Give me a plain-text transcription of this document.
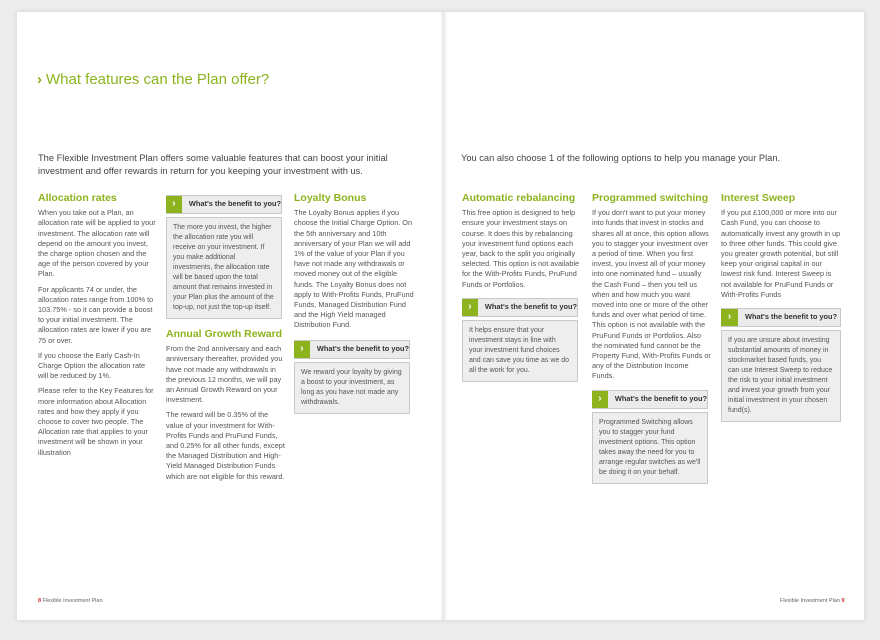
› What features can the Plan offer?
The Flexible Investment Plan offers some valuable features that can boost your initial investment and offer rewards in return for you keeping your investment with us.
Allocation rates

When you take out a Plan, an allocation rate will be applied to your investment. The allocation rate will depend on the amount you invest, the charge option chosen and the age of the person covered by your Plan.

For applicants 74 or under, the allocation rates range from 100% to 103.75% - so it can provide a boost to your initial investment. The allocation rates are lower if you are 75 or over.

If you choose the Early Cash-In Charge Option the allocation rate will be reduced by 1%.

Please refer to the Key Features for more information about Allocation rates and how they apply if you choose to cover two people. The Allocation rate that applies to your investment will be shown in your illustration

›	What's the benefit to you?
The more you invest, the higher the allocation rate you will receive on your investment. If you make additional investments, the allocation rate will be based upon the total amount that remains invested in your Plan plus the amount of the top-up, not just the top-up itself.
Annual Growth Reward

From the 2nd anniversary and each anniversary thereafter, provided you have not made any withdrawals in the previous 12 months, we will pay an Annual Growth Reward on your investment.

The reward will be 0.35% of the value of your investment for With-Profits Funds and PruFund Funds, and 0.25% for all other funds, except the Managed Distribution and High-Yield Managed Distribution Funds which are not eligible for this reward.

Loyalty Bonus

The Loyalty Bonus applies if you choose the Initial Charge Option. On the 5th anniversary and 10th anniversary of your Plan we will add 1% of the value of your Plan if you have not made any withdrawals or moved money out of the eligible funds. The Loyalty Bonus does not apply to With-Profits Funds, PruFund Funds, Managed Distribution Fund and the High Yield managed Distribution Fund.

›	What's the benefit to you?
We reward your loyalty by giving a boost to your investment, as long as you have not made any withdrawals.
8 Flexible Investment Plan
You can also choose 1 of the following options to help you manage your Plan.
Automatic rebalancing

This free option is designed to help ensure your investment stays on course. It does this by rebalancing your investment fund options each year, back to the split you originally selected. This option is not available for the With-Profits Funds, PruFund Funds or Portfolios.

›	What's the benefit to you?
It helps ensure that your investment stays in line with your investment fund choices and can save you time as we do all the work for you.
Programmed switching

If you don't want to put your money into funds that invest in stocks and shares all at once, this option allows you to stagger your investment over a period of time. When you first invest, you invest all of your money into one nominated fund – usually the Cash Fund – then you tell us when and how much you want moved into one or more of the other funds and over what period of time. This option is not available with the PruFund Funds or Portfolios. Also the nominated fund cannot be the Property Fund, With-Profits Funds or any of the Distribution Income Funds.

›	What's the benefit to you?
Programmed Switching allows you to stagger your fund investment options. This option takes away the need for you to arrange regular switches as we'll be doing it on your behalf.
Interest Sweep

If you put £100,000 or more into our Cash Fund, you can choose to automatically invest any growth in up to three other funds. This could give you greater growth potential, but still keep your original capital in our lowest risk fund. Interest Sweep is not available for PruFund Funds or With-Profits Funds

›	What's the benefit to you?
If you are unsure about investing substantial amounts of money in stockmarket based funds, you can use Interest Sweep to reduce the risk to your initial investment and invest your growth from your initial investment in your chosen fund(s).
Flexible Investment Plan 9
